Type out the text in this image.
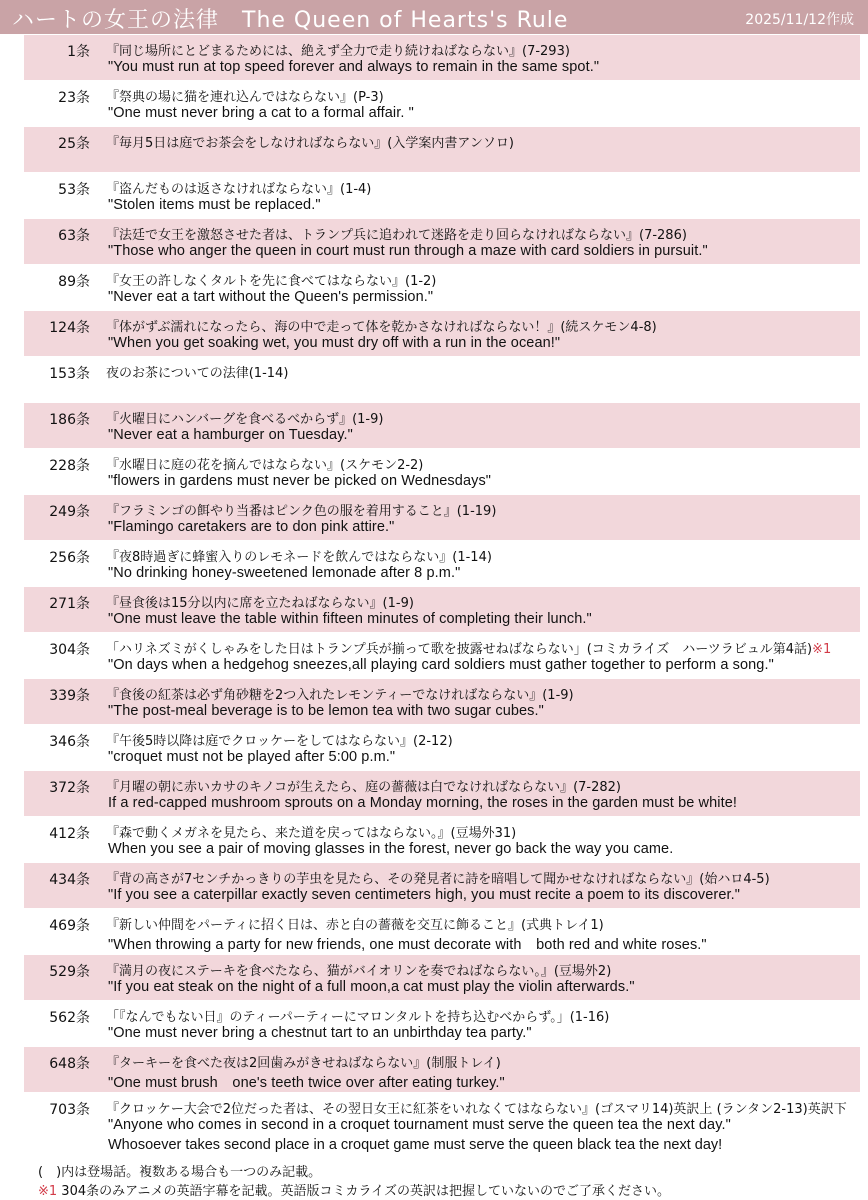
ハートの女王の法律　The Queen of Hearts's Rule	2025/11/12作成
1条 『同じ場所にとどまるためには、絶えず全力で走り続けねばならない』(7-293)
"You must run at top speed forever and always to remain in the same spot."
23条 『祭典の場に猫を連れ込んではならない』(P-3)
"One must never bring a cat to a formal affair. "
25条 『毎月5日は庭でお茶会をしなければならない』(入学案内書アンソロ)
53条 『盗んだものは返さなければならない』(1-4)
"Stolen items must be replaced."
63条 『法廷で女王を激怒させた者は、トランプ兵に追われて迷路を走り回らなければならない』(7-286)
"Those who anger the queen in court must run through a maze with card soldiers in pursuit."
89条 『女王の許しなくタルトを先に食べてはならない』(1-2)
"Never eat a tart without the Queen's permission."
124条 『体がずぶ濡れになったら、海の中で走って体を乾かさなければならない！』(続スケモン4-8)
"When you get soaking wet, you must dry off with a run in the ocean!"
153条 夜のお茶についての法律(1-14)
186条 『火曜日にハンバーグを食べるべからず』(1-9)
"Never eat a hamburger on Tuesday."
228条 『水曜日に庭の花を摘んではならない』(スケモン2-2)
"flowers in gardens must never be picked on Wednesdays"
249条 『フラミンゴの餌やり当番はピンク色の服を着用すること』(1-19)
"Flamingo caretakers are to don pink attire."
256条 『夜8時過ぎに蜂蜜入りのレモネードを飲んではならない』(1-14)
"No drinking honey-sweetened lemonade after 8 p.m."
271条 『昼食後は15分以内に席を立たねばならない』(1-9)
"One must leave the table within fifteen minutes of completing their lunch."
304条 「ハリネズミがくしゃみをした日はトランプ兵が揃って歌を披露せねばならない」(コミカライズ　ハーツラビュル第4話)※1
"On days when a hedgehog sneezes,all playing card soldiers must gather together to perform a song."
339条 『食後の紅茶は必ず角砂糖を2つ入れたレモンティーでなければならない』(1-9)
"The post-meal beverage is to be lemon tea with two sugar cubes."
346条 『午後5時以降は庭でクロッケーをしてはならない』(2-12)
"croquet must not be played after 5:00 p.m."
372条 『月曜の朝に赤いカサのキノコが生えたら、庭の薔薇は白でなければならない』(7-282)
If a red-capped mushroom sprouts on a Monday morning, the roses in the garden must be white!
412条 『森で動くメガネを見たら、来た道を戻ってはならない。』(豆場外31)
When you see a pair of moving glasses in the forest, never go back the way you came.
434条 『背の高さが7センチかっきりの芋虫を見たら、その発見者に詩を暗唱して聞かせなければならない』(始ハロ4-5)
"If you see a caterpillar exactly seven centimeters high, you must recite a poem to its discoverer."
469条 『新しい仲間をパーティに招く日は、赤と白の薔薇を交互に飾ること』(式典トレイ1)
"When throwing a party for new friends, one must decorate with　both red and white roses."
529条 『満月の夜にステーキを食べたなら、猫がバイオリンを奏でねばならない。』(豆場外2)
"If you eat steak on the night of a full moon,a cat must play the violin afterwards."
562条 「『なんでもない日』のティーパーティーにマロンタルトを持ち込むべからず。」(1-16)
"One must never bring a chestnut tart to an unbirthday tea party."
648条 『ターキーを食べた夜は2回歯みがきせねばならない』(制服トレイ)
"One must brush　one's teeth twice over after eating turkey."
703条 『クロッケー大会で2位だった者は、その翌日女王に紅茶をいれなくてはならない』(ゴスマリ14)英訳上 (ランタン2-13)英訳下
"Anyone who comes in second in a croquet tournament must serve the queen tea the next day."
Whosoever takes second place in a croquet game must serve the queen black tea the next day!
(　)内は登場話。複数ある場合も一つのみ記載。
※1 304条のみアニメの英語字幕を記載。英語版コミカライズの英訳は把握していないのでご了承ください。
